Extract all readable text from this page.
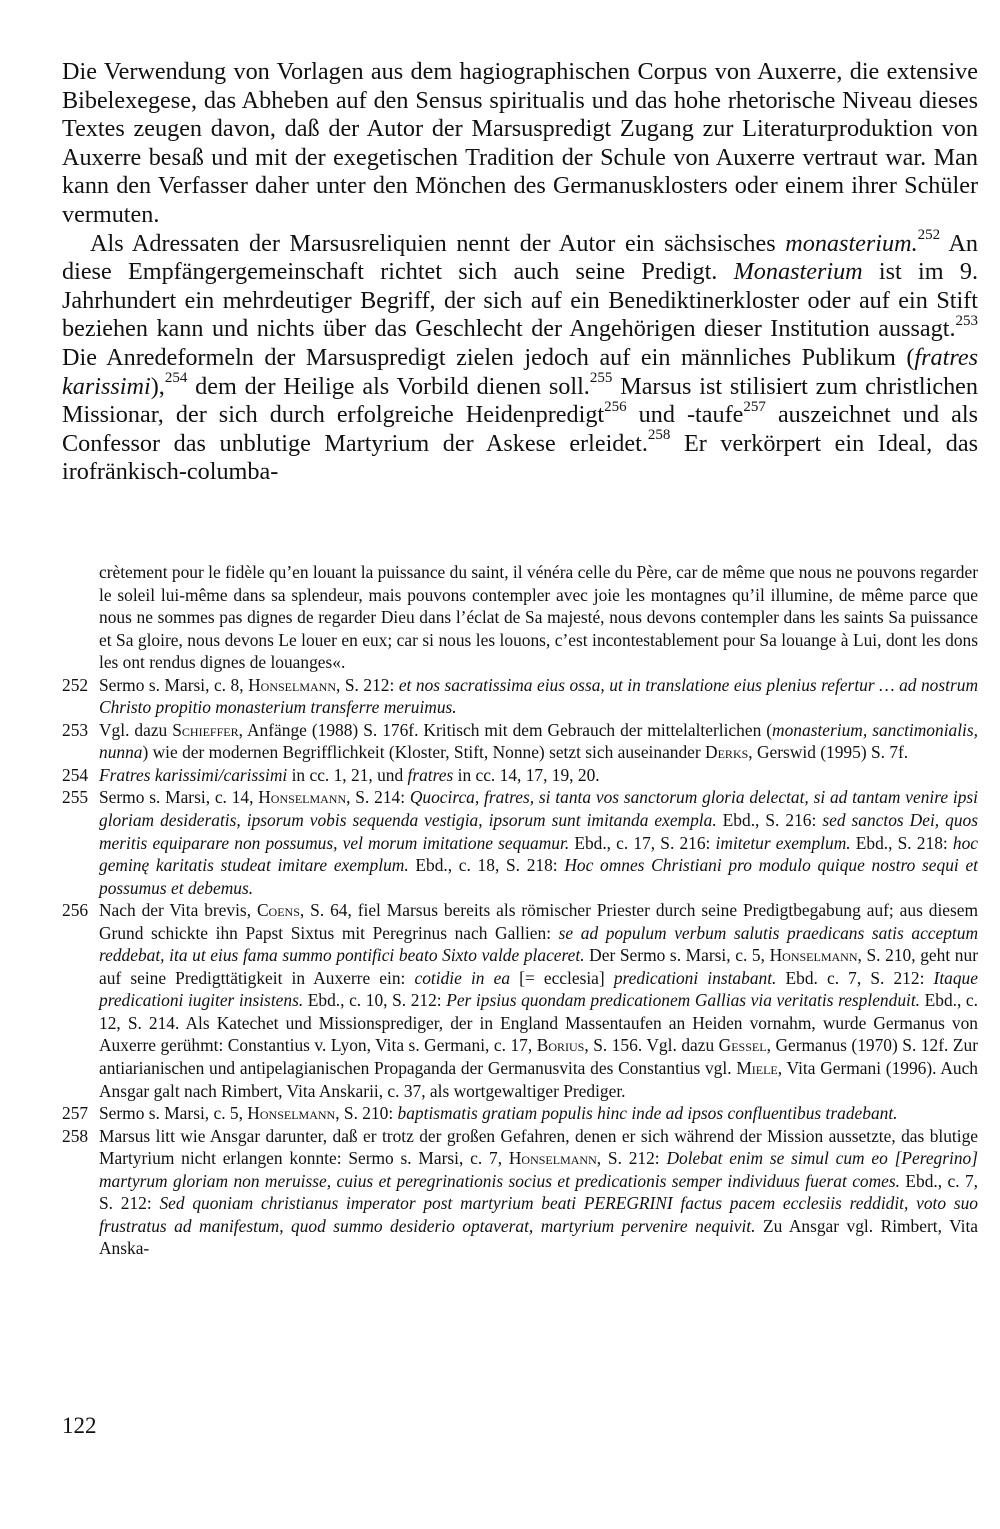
Die Verwendung von Vorlagen aus dem hagiographischen Corpus von Auxerre, die extensive Bibelexegese, das Abheben auf den Sensus spiritualis und das hohe rhetorische Niveau dieses Textes zeugen davon, daß der Autor der Marsuspredigt Zugang zur Literaturproduktion von Auxerre besaß und mit der exegetischen Tradition der Schule von Auxerre vertraut war. Man kann den Verfasser daher unter den Mönchen des Germanusklosters oder einem ihrer Schüler vermuten.

Als Adressaten der Marsusreliquien nennt der Autor ein sächsisches monasterium.$^{252}$ An diese Empfängergemeinschaft richtet sich auch seine Predigt. Monasterium ist im 9. Jahrhundert ein mehrdeutiger Begriff, der sich auf ein Benediktinerkloster oder auf ein Stift beziehen kann und nichts über das Geschlecht der Angehörigen dieser Institution aussagt.$^{253}$ Die Anredeformeln der Marsuspredigt zielen jedoch auf ein männliches Publikum (fratres karissimi),$^{254}$ dem der Heilige als Vorbild dienen soll.$^{255}$ Marsus ist stilisiert zum christlichen Missionar, der sich durch erfolgreiche Heidenpredigt$^{256}$ und -taufe$^{257}$ auszeichnet und als Confessor das unblutige Martyrium der Askese erleidet.$^{258}$ Er verkörpert ein Ideal, das irofränkisch-columba-

crètement pour le fidèle qu’en louant la puissance du saint, il vénéra celle du Père, car de même que nous ne pouvons regarder le soleil lui-même dans sa splendeur, mais pouvons contempler avec joie les montagnes qu’il illumine, de même parce que nous ne sommes pas dignes de regarder Dieu dans l’éclat de Sa majesté, nous devons contempler dans les saints Sa puissance et Sa gloire, nous devons Le louer en eux; car si nous les louons, c’est incontestablement pour Sa louange à Lui, dont les dons les ont rendus dignes de louanges«.

252 Sermo s. Marsi, c. 8, Honselmann, S. 212: et nos sacratissima eius ossa, ut in translatione eius plenius refertur … ad nostrum Christo propitio monasterium transferre meruimus.

253 Vgl. dazu Schieffer, Anfänge (1988) S. 176f. Kritisch mit dem Gebrauch der mittelalterlichen (monasterium, sanctimonialis, nunna) wie der modernen Begrifflichkeit (Kloster, Stift, Nonne) setzt sich auseinander Derks, Gerswid (1995) S. 7f.

254 Fratres karissimi/carissimi in cc. 1, 21, und fratres in cc. 14, 17, 19, 20.

255 Sermo s. Marsi, c. 14, Honselmann, S. 214: Quocirca, fratres, si tanta vos sanctorum gloria delectat, si ad tantam venire ipsi gloriam desideratis, ipsorum vobis sequenda vestigia, ipsorum sunt imitanda exempla. Ebd., S. 216: sed sanctos Dei, quos meritis equiparare non possumus, vel morum imitatione sequamur. Ebd., c. 17, S. 216: imitetur exemplum. Ebd., S. 218: hoc geminę karitatis studeat imitare exemplum. Ebd., c. 18, S. 218: Hoc omnes Christiani pro modulo quique nostro sequi et possumus et debemus.

256 Nach der Vita brevis, Coens, S. 64, fiel Marsus bereits als römischer Priester durch seine Predigtbegabung auf; aus diesem Grund schickte ihn Papst Sixtus mit Peregrinus nach Gallien: se ad populum verbum salutis praedicans satis acceptum reddebat, ita ut eius fama summo pontifici beato Sixto valde placeret. Der Sermo s. Marsi, c. 5, Honselmann, S. 210, geht nur auf seine Predigttätigkeit in Auxerre ein: cotidie in ea [= ecclesia] predicationi instabant. Ebd. c. 7, S. 212: Itaque predicationi iugiter insistens. Ebd., c. 10, S. 212: Per ipsius quondam predicationem Gallias via veritatis resplenduit. Ebd., c. 12, S. 214. Als Katechet und Missionsprediger, der in England Massentaufen an Heiden vornahm, wurde Germanus von Auxerre gerühmt: Constantius v. Lyon, Vita s. Germani, c. 17, Borius, S. 156. Vgl. dazu Gessel, Germanus (1970) S. 12f. Zur antiarianischen und antipelagianischen Propaganda der Germanusvita des Constantius vgl. Miele, Vita Germani (1996). Auch Ansgar galt nach Rimbert, Vita Anskarii, c. 37, als wortgewaltiger Prediger.

257 Sermo s. Marsi, c. 5, Honselmann, S. 210: baptismatis gratiam populis hinc inde ad ipsos confluentibus tradebant.

258 Marsus litt wie Ansgar darunter, daß er trotz der großen Gefahren, denen er sich während der Mission aussetzte, das blutige Martyrium nicht erlangen konnte: Sermo s. Marsi, c. 7, Honselmann, S. 212: Dolebat enim se simul cum eo [Peregrino] martyrum gloriam non meruisse, cuius et peregrinationis socius et predicationis semper individuus fuerat comes. Ebd., c. 7, S. 212: Sed quoniam christianus imperator post martyrium beati PEREGRINI factus pacem ecclesiis reddidit, voto suo frustratus ad manifestum, quod summo desiderio optaverat, martyrium pervenire nequivit. Zu Ansgar vgl. Rimbert, Vita Anska-

122
